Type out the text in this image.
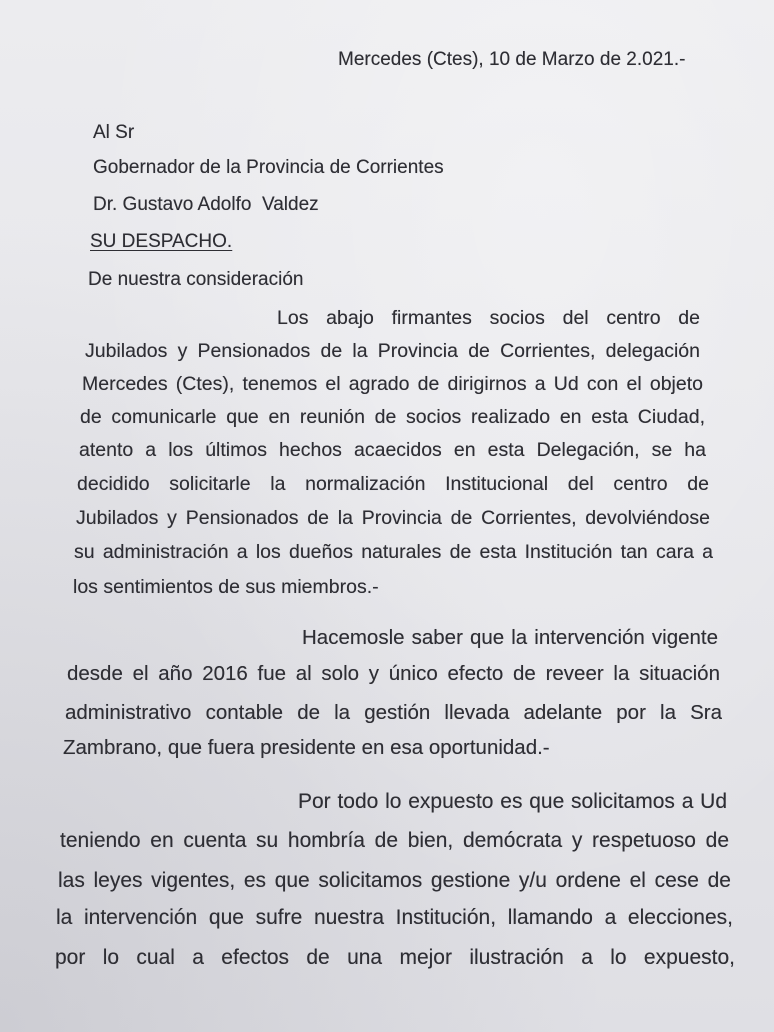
Mercedes (Ctes), 10 de Marzo de 2.021.-
Al Sr
Gobernador de la Provincia de Corrientes
Dr. Gustavo Adolfo  Valdez
SU DESPACHO.
De nuestra consideración
Los abajo firmantes socios del centro de
Jubilados y Pensionados de la Provincia de Corrientes, delegación
Mercedes (Ctes), tenemos el agrado de dirigirnos a Ud con el objeto
de comunicarle que en reunión de socios realizado en esta Ciudad,
atento a los últimos hechos acaecidos en esta Delegación, se ha
decidido solicitarle la normalización Institucional del centro de
Jubilados y Pensionados de la Provincia de Corrientes, devolviéndose
su administración a los dueños naturales de esta Institución tan cara a
los sentimientos de sus miembros.-
Hacemosle saber que la intervención vigente
desde el año 2016 fue al solo y único efecto de reveer la situación
administrativo contable de la gestión llevada adelante por la Sra
Zambrano, que fuera presidente en esa oportunidad.-
Por todo lo expuesto es que solicitamos a Ud
teniendo en cuenta su hombría de bien, demócrata y respetuoso de
las leyes vigentes, es que solicitamos gestione y/u ordene el cese de
la intervención que sufre nuestra Institución, llamando a elecciones,
por lo cual a efectos de una mejor ilustración a lo expuesto,
